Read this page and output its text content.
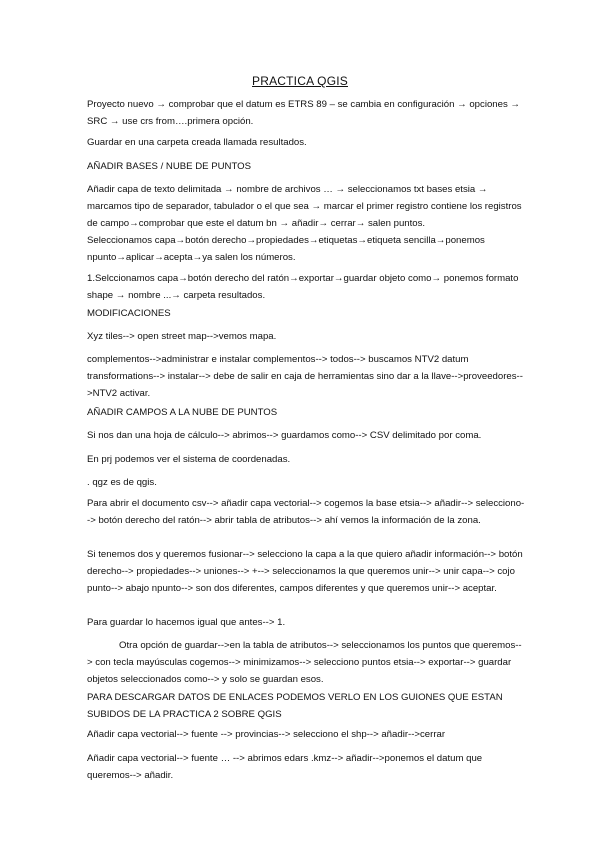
PRACTICA QGIS

Proyecto nuevo → comprobar que el datum es ETRS 89 – se cambia en configuración → opciones → SRC → use crs from….primera opción.

Guardar en una carpeta creada llamada resultados.

AÑADIR BASES / NUBE DE PUNTOS

Añadir capa de texto delimitada → nombre de archivos … → seleccionamos txt bases etsia → marcamos tipo de separador, tabulador o el que sea → marcar el primer registro contiene los registros de campo→comprobar que este el datum bn → añadir→ cerrar→ salen puntos.

Seleccionamos capa→botón derecho→propiedades→etiquetas→etiqueta sencilla→ponemos npunto→aplicar→acepta→ya salen los números.

1.Selccionamos capa→botón derecho del ratón→exportar→guardar objeto como→ ponemos formato shape → nombre ...→ carpeta resultados.

MODIFICACIONES

Xyz tiles--> open street map-->vemos mapa.

complementos-->administrar e instalar complementos--> todos--> buscamos NTV2 datum transformations--> instalar--> debe de salir en caja de herramientas sino dar a la llave-->proveedores-->NTV2 activar.

AÑADIR CAMPOS A LA NUBE DE PUNTOS

Si nos dan una hoja de cálculo--> abrimos--> guardamos como--> CSV delimitado por coma.

En prj podemos ver el sistema de coordenadas.

. qgz es de qgis.

Para abrir el documento csv--> añadir capa vectorial--> cogemos la base etsia--> añadir--> selecciono--> botón derecho del ratón--> abrir tabla de atributos--> ahí vemos la información de la zona.

Si tenemos dos y queremos fusionar--> selecciono la capa a la que quiero añadir información--> botón derecho--> propiedades--> uniones--> +--> seleccionamos la que queremos unir--> unir capa--> cojo punto--> abajo npunto--> son dos diferentes, campos diferentes y que queremos unir--> aceptar.

Para guardar lo hacemos igual que antes--> 1.

Otra opción de guardar-->en la tabla de atributos--> seleccionamos los puntos que queremos--> con tecla mayúsculas cogemos--> minimizamos--> selecciono puntos etsia--> exportar--> guardar objetos seleccionados como--> y solo se guardan esos.

PARA DESCARGAR DATOS DE ENLACES PODEMOS VERLO EN LOS GUIONES QUE ESTAN SUBIDOS DE LA PRACTICA 2 SOBRE QGIS

Añadir capa vectorial--> fuente --> provincias--> selecciono el shp--> añadir-->cerrar

Añadir capa vectorial--> fuente … --> abrimos edars .kmz--> añadir-->ponemos el datum que queremos--> añadir.
